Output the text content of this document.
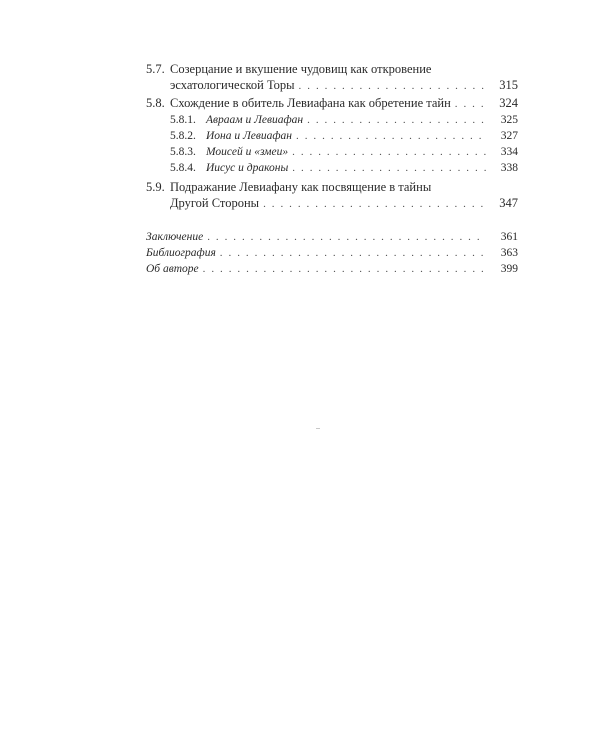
5.7. Созерцание и вкушение чудовищ как откровение
эсхатологической Торы . . .	315
5.8. Схождение в обитель Левиафана как обретение тайн . . .	324
5.8.1. Авраам и Левиафан . . .	325
5.8.2. Иона и Левиафан . . .	327
5.8.3. Моисей и «змеи» . . .	334
5.8.4. Иисус и драконы . . .	338
5.9. Подражание Левиафану как посвящение в тайны
Другой Стороны . . .	347
Заключение . . .	361
Библиография . . .	363
Об авторе . . .	399
